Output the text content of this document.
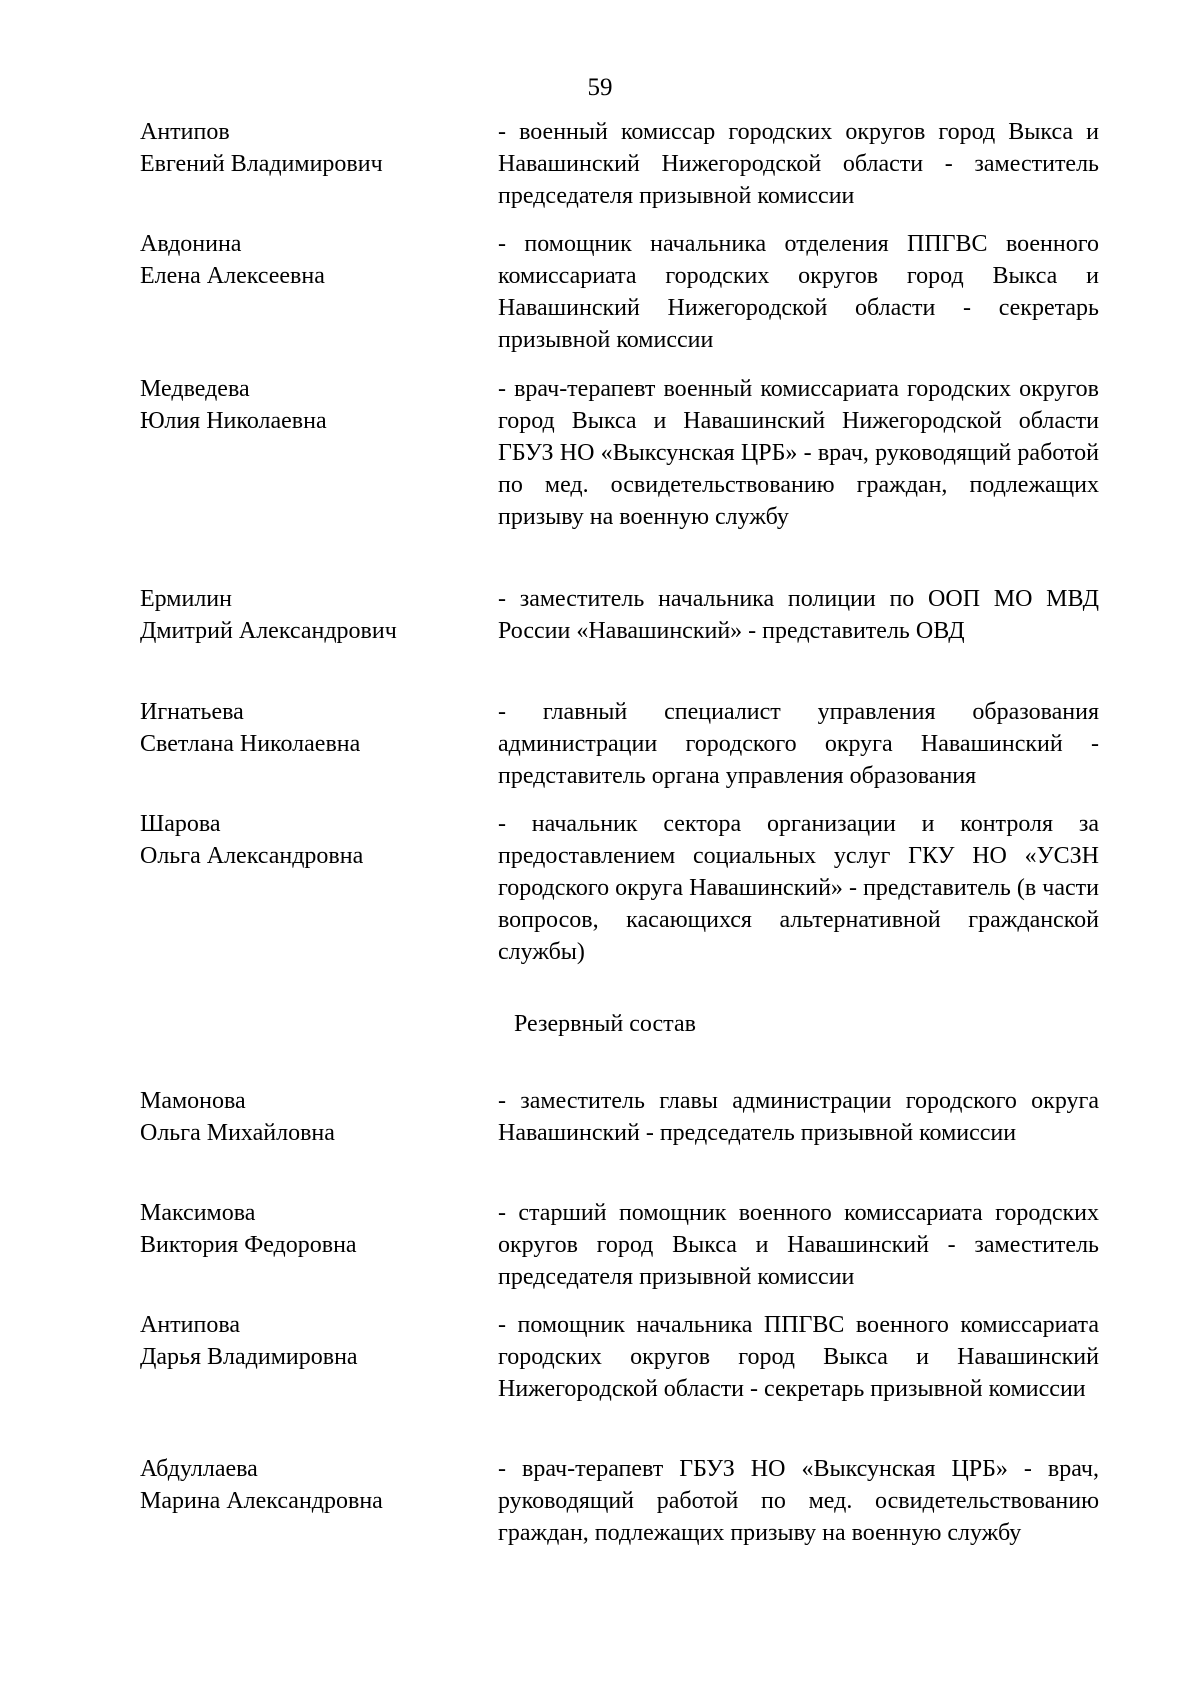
59
Антипов
Евгений Владимирович
- военный комиссар городских округов город Выкса и Навашинский Нижегородской области - заместитель председателя призывной комиссии
Авдонина
Елена Алексеевна
- помощник начальника отделения ППГВС военного комиссариата городских округов город Выкса и Навашинский Нижегородской области - секретарь призывной комиссии
Медведева
Юлия Николаевна
- врач-терапевт военный комиссариата городских округов город Выкса и Навашинский Нижегородской области ГБУЗ НО «Выксунская ЦРБ» - врач, руководящий работой по мед. освидетельствованию граждан, подлежащих призыву на военную службу
Ермилин
Дмитрий Александрович
- заместитель начальника полиции по ООП МО МВД России «Навашинский» - представитель ОВД
Игнатьева
Светлана Николаевна
- главный специалист управления образования администрации городского округа Навашинский - представитель органа управления образования
Шарова
Ольга Александровна
- начальник сектора организации и контроля за предоставлением социальных услуг ГКУ НО «УСЗН городского округа Навашинский» - представитель (в части вопросов, касающихся альтернативной гражданской службы)
Резервный состав
Мамонова
Ольга Михайловна
- заместитель главы администрации городского округа Навашинский - председатель призывной комиссии
Максимова
Виктория Федоровна
- старший помощник военного комиссариата городских округов город Выкса и Навашинский - заместитель председателя призывной комиссии
Антипова
Дарья Владимировна
- помощник начальника ППГВС военного комиссариата городских округов город Выкса и Навашинский Нижегородской области - секретарь призывной комиссии
Абдуллаева
Марина Александровна
- врач-терапевт ГБУЗ НО «Выксунская ЦРБ» - врач, руководящий работой по мед. освидетельствованию граждан, подлежащих призыву на военную службу
